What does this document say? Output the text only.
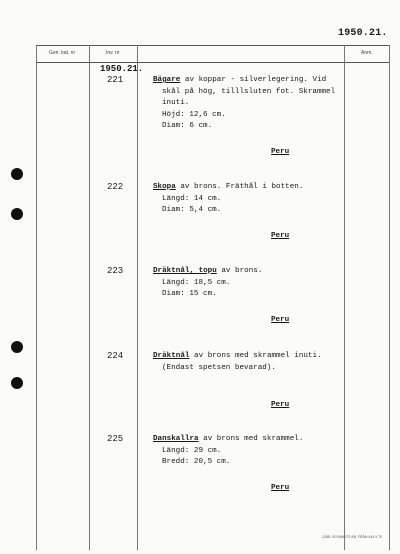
1950.21.
Gen. kat. nr	Inv. nr	Anm.
1950.21.
221	Bägare av koppar - silverlegering. Vid
skål på hög, tilllsluten fot. Skrammel
inuti.
Höjd: 12,6 cm.
Diam: 6 cm.
Peru
222	Skopa av brons. Fräthål i botten.
Längd: 14 cm.
Diam: 5,4 cm.
Peru
223	Dräktnål, topu av brons.
Längd: 18,5 cm.
Diam: 15 cm.
Peru
224	Dräktnål av brons med skrammel inuti.
(Endast spetsen bevarad).
Peru
225	Danskallra av brons med skrammel.
Längd: 29 cm.
Bredd: 20,5 cm.
Peru
CARL SCHMIDTS AB, FRÅN 444 9 70
